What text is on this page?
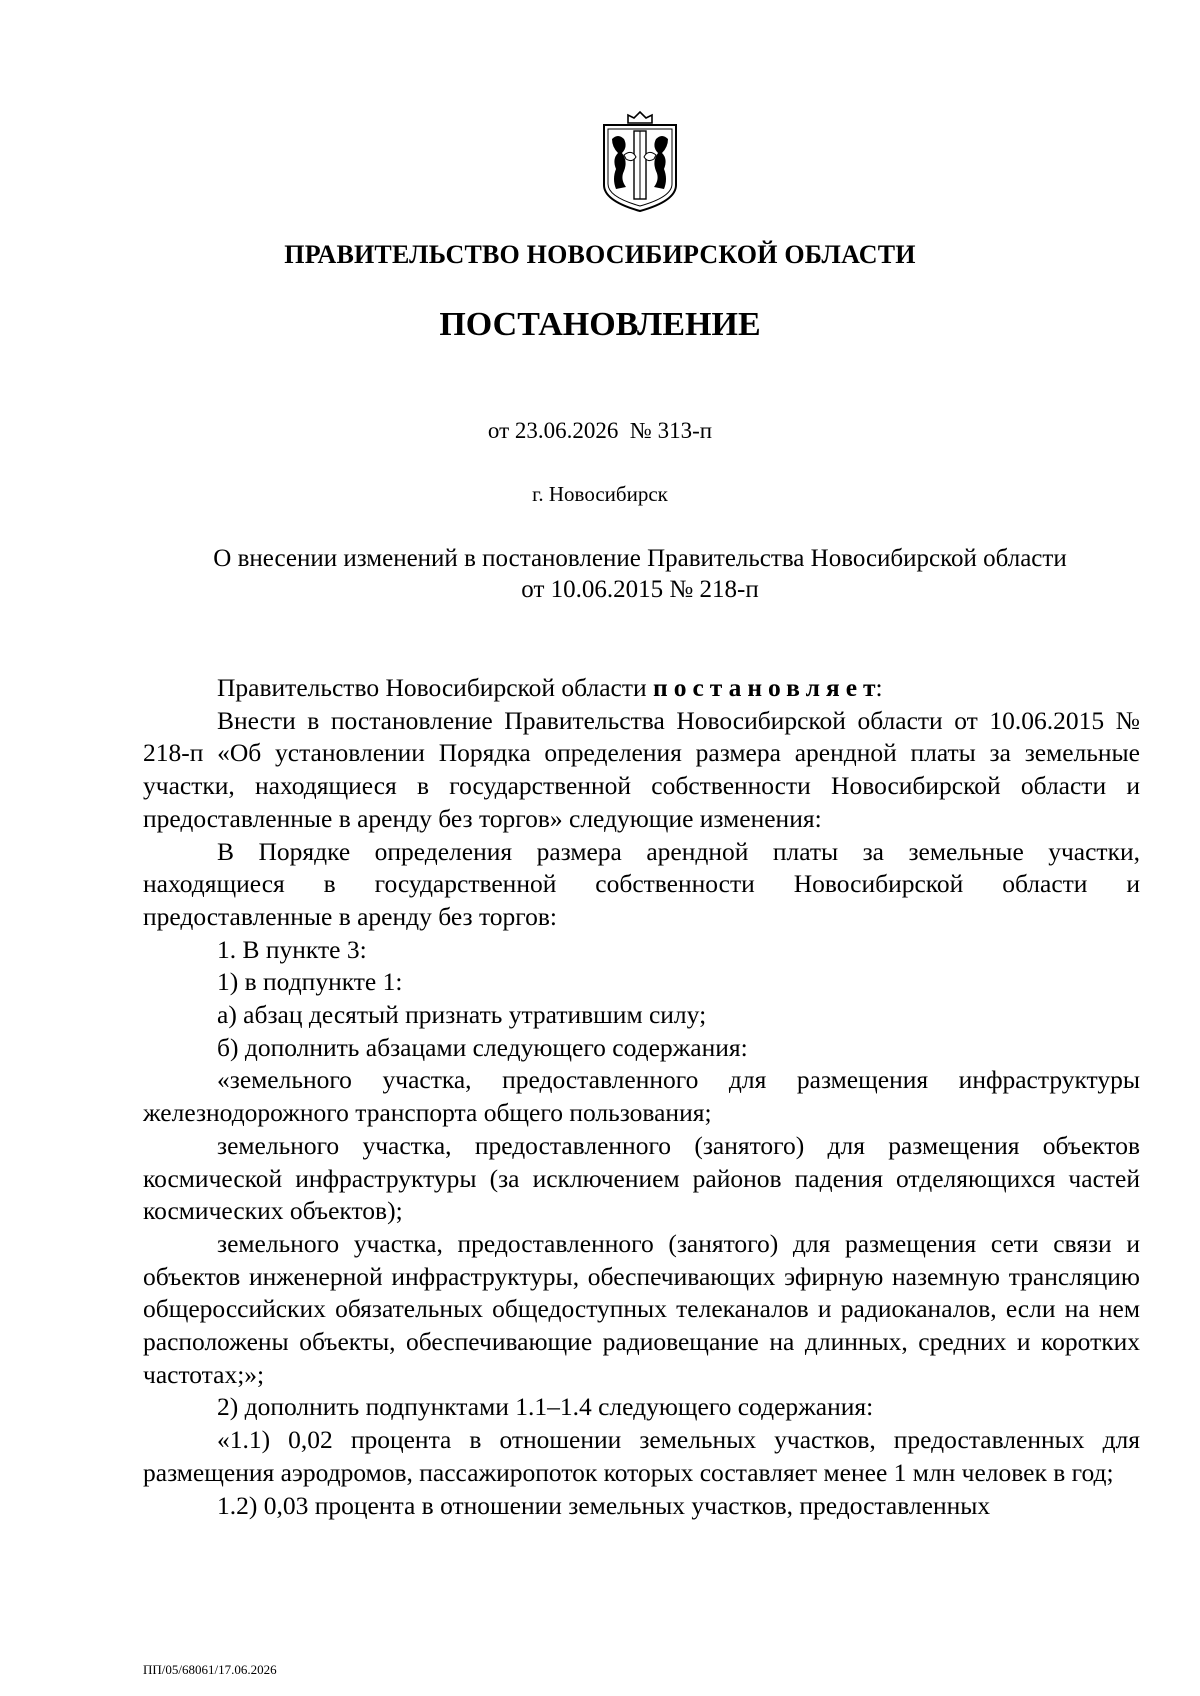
ПРАВИТЕЛЬСТВО НОВОСИБИРСКОЙ ОБЛАСТИ

ПОСТАНОВЛЕНИЕ

от 23.06.2026  № 313-п

г. Новосибирск

О внесении изменений в постановление Правительства Новосибирской области
от 10.06.2015 № 218-п

Правительство Новосибирской области постановляет:

Внести в постановление Правительства Новосибирской области от 10.06.2015 № 218-п «Об установлении Порядка определения размера арендной платы за земельные участки, находящиеся в государственной собственности Новосибирской области и предоставленные в аренду без торгов» следующие изменения:

В Порядке определения размера арендной платы за земельные участки, находящиеся в государственной собственности Новосибирской области и предоставленные в аренду без торгов:

1. В пункте 3:

1) в подпункте 1:

а) абзац десятый признать утратившим силу;

б) дополнить абзацами следующего содержания:

«земельного участка, предоставленного для размещения инфраструктуры железнодорожного транспорта общего пользования;

земельного участка, предоставленного (занятого) для размещения объектов космической инфраструктуры (за исключением районов падения отделяющихся частей космических объектов);

земельного участка, предоставленного (занятого) для размещения сети связи и объектов инженерной инфраструктуры, обеспечивающих эфирную наземную трансляцию общероссийских обязательных общедоступных телеканалов и радиоканалов, если на нем расположены объекты, обеспечивающие радиовещание на длинных, средних и коротких частотах;»;

2) дополнить подпунктами 1.1–1.4 следующего содержания:

«1.1) 0,02 процента в отношении земельных участков, предоставленных для размещения аэродромов, пассажиропоток которых составляет менее 1 млн человек в год;

1.2) 0,03 процента в отношении земельных участков, предоставленных

ПП/05/68061/17.06.2026
